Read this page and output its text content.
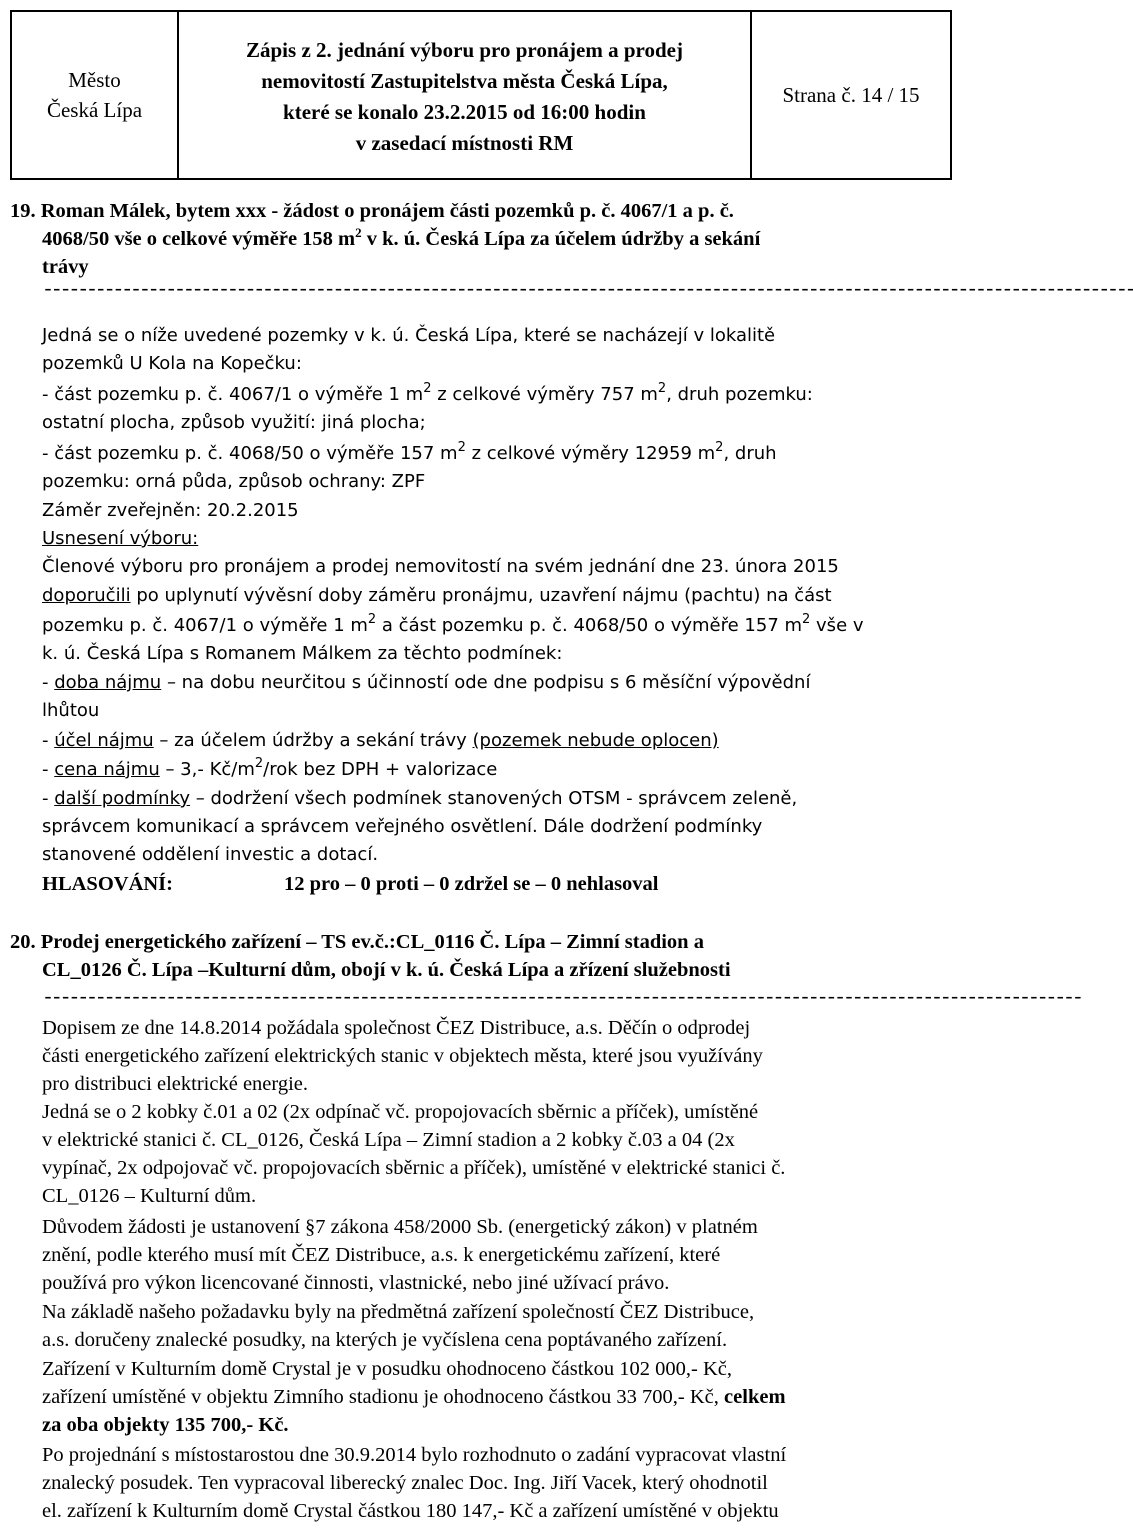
Město
Česká Lípa
Zápis z 2. jednání výboru pro pronájem a prodej
nemovitostí Zastupitelstva města Česká Lípa,
které se konalo 23.2.2015 od 16:00 hodin
v zasedací místnosti RM
Strana č. 14 / 15
19. Roman Málek, bytem xxx - žádost o pronájem části pozemků p. č. 4067/1 a p. č.
4068/50 vše o celkové výměře 158 $m^2$ v k. ú. Česká Lípa za účelem údržby a sekání
trávy
----------------------------------------------------------------------------------------------------------------------------
Jedná se o níže uvedené pozemky v k. ú. Česká Lípa, které se nacházejí v lokalitě
pozemků U Kola na Kopečku:
- část pozemku p. č. 4067/1 o výměře 1 $m^2$ z celkové výměry 757 $m^2$, druh pozemku:
ostatní plocha, způsob využití: jiná plocha;
- část pozemku p. č. 4068/50 o výměře 157 $m^2$ z celkové výměry 12959 $m^2$, druh
pozemku: orná půda, způsob ochrany: ZPF
Záměr zveřejněn: 20.2.2015
Usnesení výboru:
Členové výboru pro pronájem a prodej nemovitostí na svém jednání dne 23. února 2015
doporučili po uplynutí vývěsní doby záměru pronájmu, uzavření nájmu (pachtu) na část
pozemku p. č. 4067/1 o výměře 1 $m^2$ a část pozemku p. č. 4068/50 o výměře 157 $m^2$ vše v
k. ú. Česká Lípa s Romanem Málkem za těchto podmínek:
- doba nájmu – na dobu neurčitou s účinností ode dne podpisu s 6 měsíční výpovědní
lhůtou
- účel nájmu – za účelem údržby a sekání trávy (pozemek nebude oplocen)
- cena nájmu – 3,- $Kč/m^2$/rok bez DPH + valorizace
- další podmínky – dodržení všech podmínek stanovených OTSM - správcem zeleně,
správcem komunikací a správcem veřejného osvětlení. Dále dodržení podmínky
stanovené oddělení investic a dotací.
HLASOVÁNÍ:	12 pro – 0 proti – 0 zdržel se – 0 nehlasoval
20. Prodej energetického zařízení – TS ev.č.:CL_0116 Č. Lípa – Zimní stadion a
CL_0126 Č. Lípa –Kulturní dům, obojí v k. ú. Česká Lípa a zřízení služebnosti
----------------------------------------------------------------------------------------------------------------------
Dopisem ze dne 14.8.2014 požádala společnost ČEZ Distribuce, a.s. Děčín o odprodej
části energetického zařízení elektrických stanic v objektech města, které jsou využívány
pro distribuci elektrické energie.
Jedná se o 2 kobky č.01 a 02 (2x odpínač vč. propojovacích sběrnic a příček), umístěné
v elektrické stanici č. CL_0126, Česká Lípa – Zimní stadion a 2 kobky č.03 a 04 (2x
vypínač, 2x odpojovač vč. propojovacích sběrnic a příček), umístěné v elektrické stanici č.
CL_0126 – Kulturní dům.
Důvodem žádosti je ustanovení §7 zákona 458/2000 Sb. (energetický zákon) v platném
znění, podle kterého musí mít ČEZ Distribuce, a.s. k energetickému zařízení, které
používá pro výkon licencované činnosti, vlastnické, nebo jiné užívací právo.
Na základě našeho požadavku byly na předmětná zařízení společností ČEZ Distribuce,
a.s. doručeny znalecké posudky, na kterých je vyčíslena cena poptávaného zařízení.
Zařízení v Kulturním domě Crystal je v posudku ohodnoceno částkou 102 000,- Kč,
zařízení umístěné v objektu Zimního stadionu je ohodnoceno částkou 33 700,- Kč, celkem
za oba objekty 135 700,- Kč.
Po projednání s místostarostou dne 30.9.2014 bylo rozhodnuto o zadání vypracovat vlastní
znalecký posudek. Ten vypracoval liberecký znalec Doc. Ing. Jiří Vacek, který ohodnotil
el. zařízení k Kulturním domě Crystal částkou 180 147,- Kč a zařízení umístěné v objektu
